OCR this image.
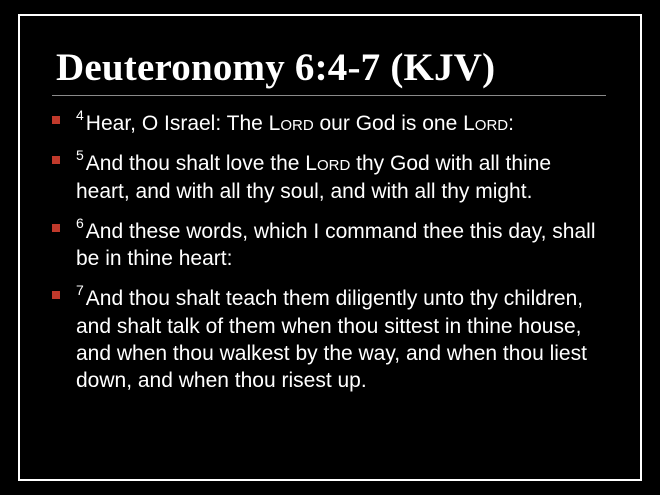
Deuteronomy 6:4-7 (KJV)
$^4$Hear, O Israel: The Lord our God is one Lord:
$^5$And thou shalt love the Lord thy God with all thine heart, and with all thy soul, and with all thy might.
$^6$And these words, which I command thee this day, shall be in thine heart:
$^7$And thou shalt teach them diligently unto thy children, and shalt talk of them when thou sittest in thine house, and when thou walkest by the way, and when thou liest down, and when thou risest up.
